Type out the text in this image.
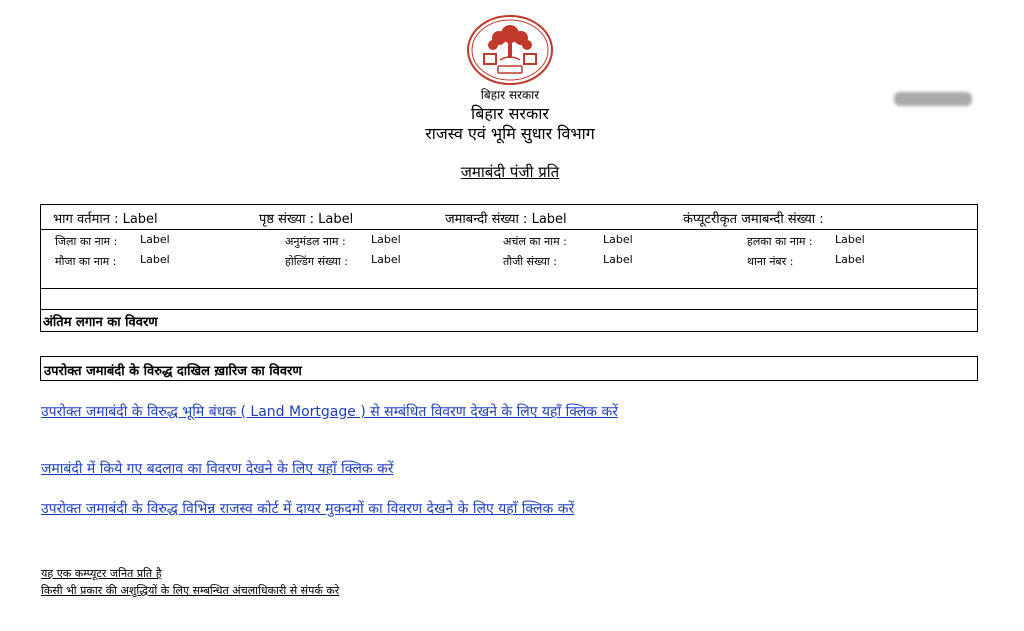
बिहार सरकार
बिहार सरकार
राजस्व एवं भूमि सुधार विभाग
जमाबंदी पंजी प्रति
भाग वर्तमान : Label	पृष्ठ संख्या : Label	जमाबन्दी संख्या : Label	कंप्यूटरीकृत जमाबन्दी संख्या :
जिला का नाम : Label	अनुमंडल नाम : Label	अचंल का नाम :	Label	हलका का नाम : Label
मौजा का नाम : Label	होल्डिंग संख्या : Label	तौजी संख्या :	Label	थाना नंबर :	Label
अंतिम लगान का विवरण
उपरोक्त जमाबंदी के विरुद्ध दाखिल ख़ारिज का विवरण
उपरोक्त जमाबंदी के विरुद्ध भूमि बंधक ( Land Mortgage ) से सम्बंधित विवरण देखने के लिए यहाँ क्लिक करें
जमाबंदी में किये गए बदलाव का विवरण देखने के लिए यहाँ क्लिक करें
उपरोक्त जमाबंदी के विरुद्ध विभिन्न राजस्व कोर्ट में दायर मुकदमों का विवरण देखने के लिए यहाँ क्लिक करें
यह एक कम्प्यूटर जनित प्रति है
किसी भी प्रकार की अशुद्धियों के लिए सम्बन्धित अंचलाधिकारी से संपर्क करे
